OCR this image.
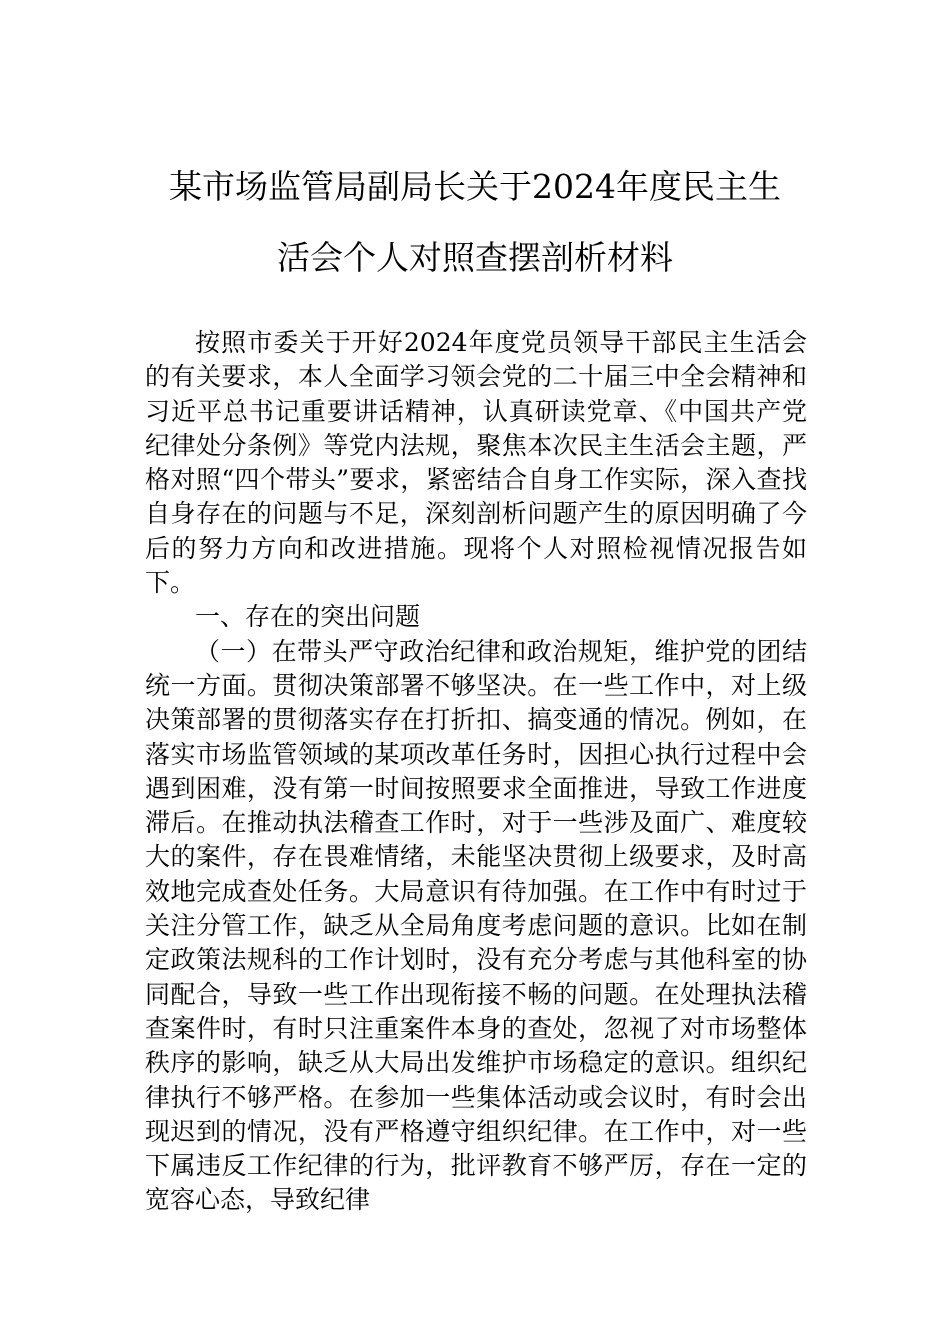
某市场监管局副局长关于2024年度民主生
活会个人对照查摆剖析材料

按照市委关于开好2024年度党员领导干部民主生活会的有关要求，本人全面学习领会党的二十届三中全会精神和习近平总书记重要讲话精神，认真研读党章、《中国共产党纪律处分条例》等党内法规，聚焦本次民主生活会主题，严格对照“四个带头”要求，紧密结合自身工作实际，深入查找自身存在的问题与不足，深刻剖析问题产生的原因明确了今后的努力方向和改进措施。现将个人对照检视情况报告如下。

一、存在的突出问题

（一）在带头严守政治纪律和政治规矩，维护党的团结统一方面。贯彻决策部署不够坚决。在一些工作中，对上级决策部署的贯彻落实存在打折扣、搞变通的情况。例如，在落实市场监管领域的某项改革任务时，因担心执行过程中会遇到困难，没有第一时间按照要求全面推进，导致工作进度滞后。在推动执法稽查工作时，对于一些涉及面广、难度较大的案件，存在畏难情绪，未能坚决贯彻上级要求，及时高效地完成查处任务。大局意识有待加强。在工作中有时过于关注分管工作，缺乏从全局角度考虑问题的意识。比如在制定政策法规科的工作计划时，没有充分考虑与其他科室的协同配合，导致一些工作出现衔接不畅的问题。在处理执法稽查案件时，有时只注重案件本身的查处，忽视了对市场整体秩序的影响，缺乏从大局出发维护市场稳定的意识。组织纪律执行不够严格。在参加一些集体活动或会议时，有时会出现迟到的情况，没有严格遵守组织纪律。在工作中，对一些下属违反工作纪律的行为，批评教育不够严厉，存在一定的宽容心态，导致纪律
